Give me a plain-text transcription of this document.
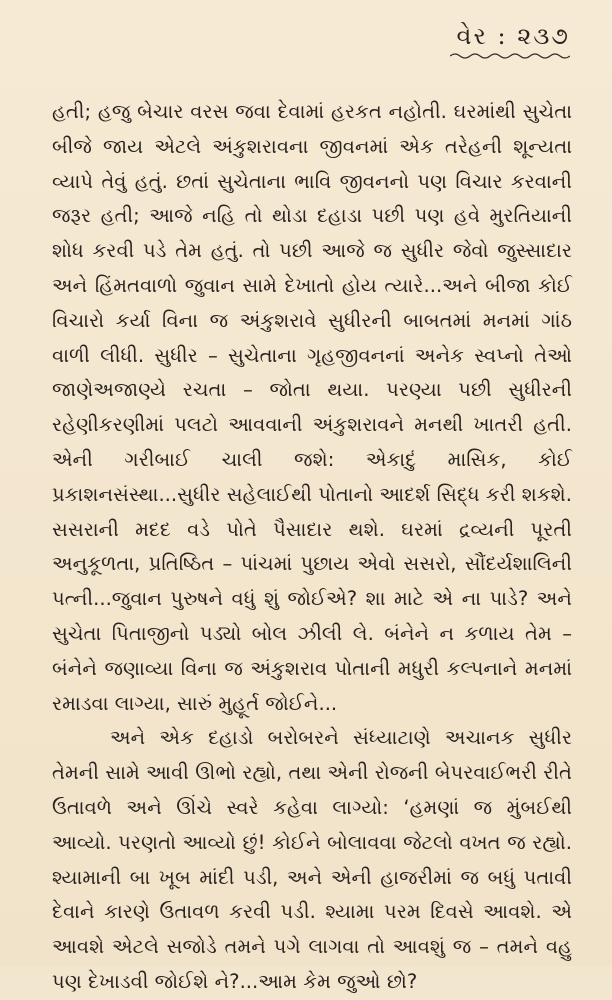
વેર : ૨૩૭

હતી; હજુ બેચાર વરસ જવા દેવામાં હરકત નહોતી. ઘરમાંથી સુચેતા બીજે જાય એટલે અંકુશરાવના જીવનમાં એક તરેહની શૂન્યતા વ્યાપે તેવું હતું. છતાં સુચેતાના ભાવિ જીવનનો પણ વિચાર કરવાની જરૂર હતી; આજે નહિ તો થોડા દહાડા પછી પણ હવે મુરતિયાની શોધ કરવી પડે તેમ હતું. તો પછી આજે જ સુધીર જેવો જુસ્સાદાર અને હિંમતવાળો જુવાન સામે દેખાતો હોય ત્યારે...અને બીજા કોઈ વિચારો કર્યા વિના જ અંકુશરાવે સુધીરની બાબતમાં મનમાં ગાંઠ વાળી લીધી. સુધીર – સુચેતાના ગૃહજીવનનાં અનેક સ્વપ્નો તેઓ જાણેઅજાણ્યે રચતા – જોતા થયા. પરણ્યા પછી સુધીરની રહેણીકરણીમાં પલટો આવવાની અંકુશરાવને મનથી ખાતરી હતી. એની ગરીબાઈ ચાલી જશે: એકાદું માસિક, કોઈ પ્રકાશનસંસ્થા...સુધીર સહેલાઈથી પોતાનો આદર્શ સિદ્ધ કરી શકશે. સસરાની મદદ વડે પોતે પૈસાદાર થશે. ઘરમાં દ્રવ્યની પૂરતી અનુકૂળતા, પ્રતિષ્ઠિત – પાંચમાં પુછાય એવો સસરો, સૌંદર્યશાલિની પત્ની...જુવાન પુરુષને વધું શું જોઈએ? શા માટે એ ના પાડે? અને સુચેતા પિતાજીનો પડ્યો બોલ ઝીલી લે. બંનેને ન કળાય તેમ – બંનેને જણાવ્યા વિના જ અંકુશરાવ પોતાની મધુરી કલ્પનાને મનમાં રમાડવા લાગ્યા, સારું મુહૂર્ત જોઈને...

અને એક દહાડો બરોબરને સંધ્યાટાણે અચાનક સુધીર તેમની સામે આવી ઊભો રહ્યો, તથા એની રોજની બેપરવાઈભરી રીતે ઉતાવળે અને ઊંચે સ્વરે કહેવા લાગ્યો: ‘હમણાં જ મુંબઈથી આવ્યો. પરણતો આવ્યો છું! કોઈને બોલાવવા જેટલો વખત જ રહ્યો. શ્યામાની બા ખૂબ માંદી પડી, અને એની હાજરીમાં જ બધું પતાવી દેવાને કારણે ઉતાવળ કરવી પડી. શ્યામા પરમ દિવસે આવશે. એ આવશે એટલે સજોડે તમને પગે લાગવા તો આવશું જ – તમને વહુ પણ દેખાડવી જોઈશે ને?...આમ કેમ જુઓ છો?
